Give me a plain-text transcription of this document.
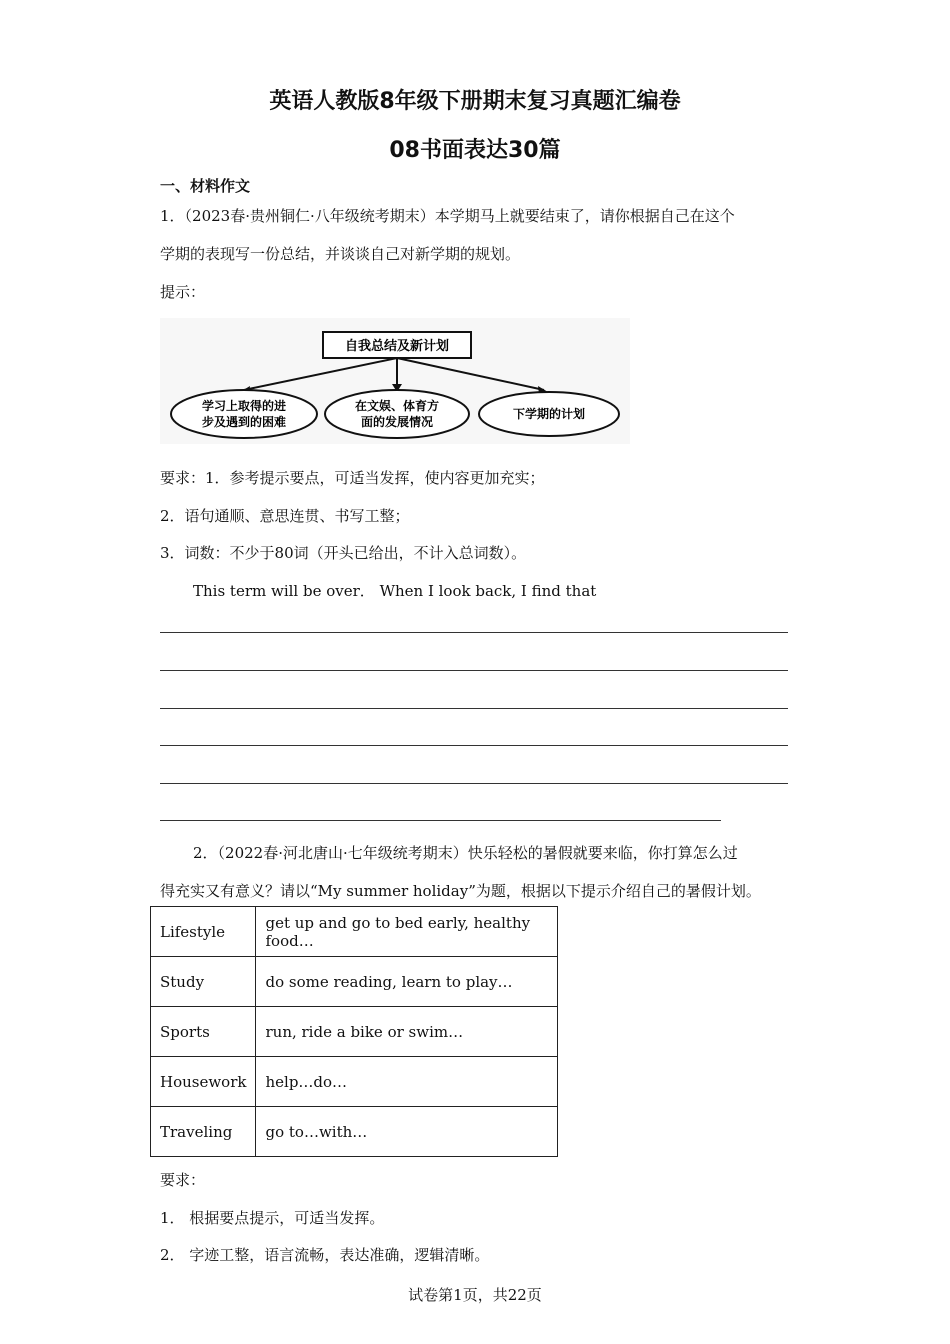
英语人教版8年级下册期末复习真题汇编卷
08书面表达30篇
一、材料作文
1．（2023春·贵州铜仁·八年级统考期末）本学期马上就要结束了，请你根据自己在这个
学期的表现写一份总结，并谈谈自己对新学期的规划。
提示：
自我总结及新计划
学习上取得的进
步及遇到的困难
在文娱、体育方
面的发展情况
下学期的计划
要求：1．参考提示要点，可适当发挥，使内容更加充实；
2．语句通顺、意思连贯、书写工整；
3．词数：不少于80词（开头已给出，不计入总词数）。
This term will be over． When I look back, I find that
2．（2022春·河北唐山·七年级统考期末）快乐轻松的暑假就要来临，你打算怎么过
得充实又有意义？请以“My summer holiday”为题，根据以下提示介绍自己的暑假计划。
Lifestyle	get up and go to bed early, healthy food…
Study	do some reading, learn to play…
Sports	run, ride a bike or swim…
Housework	help…do…
Traveling	go to…with…
要求：
1． 根据要点提示，可适当发挥。
2． 字迹工整，语言流畅，表达准确，逻辑清晰。
试卷第1页，共22页
